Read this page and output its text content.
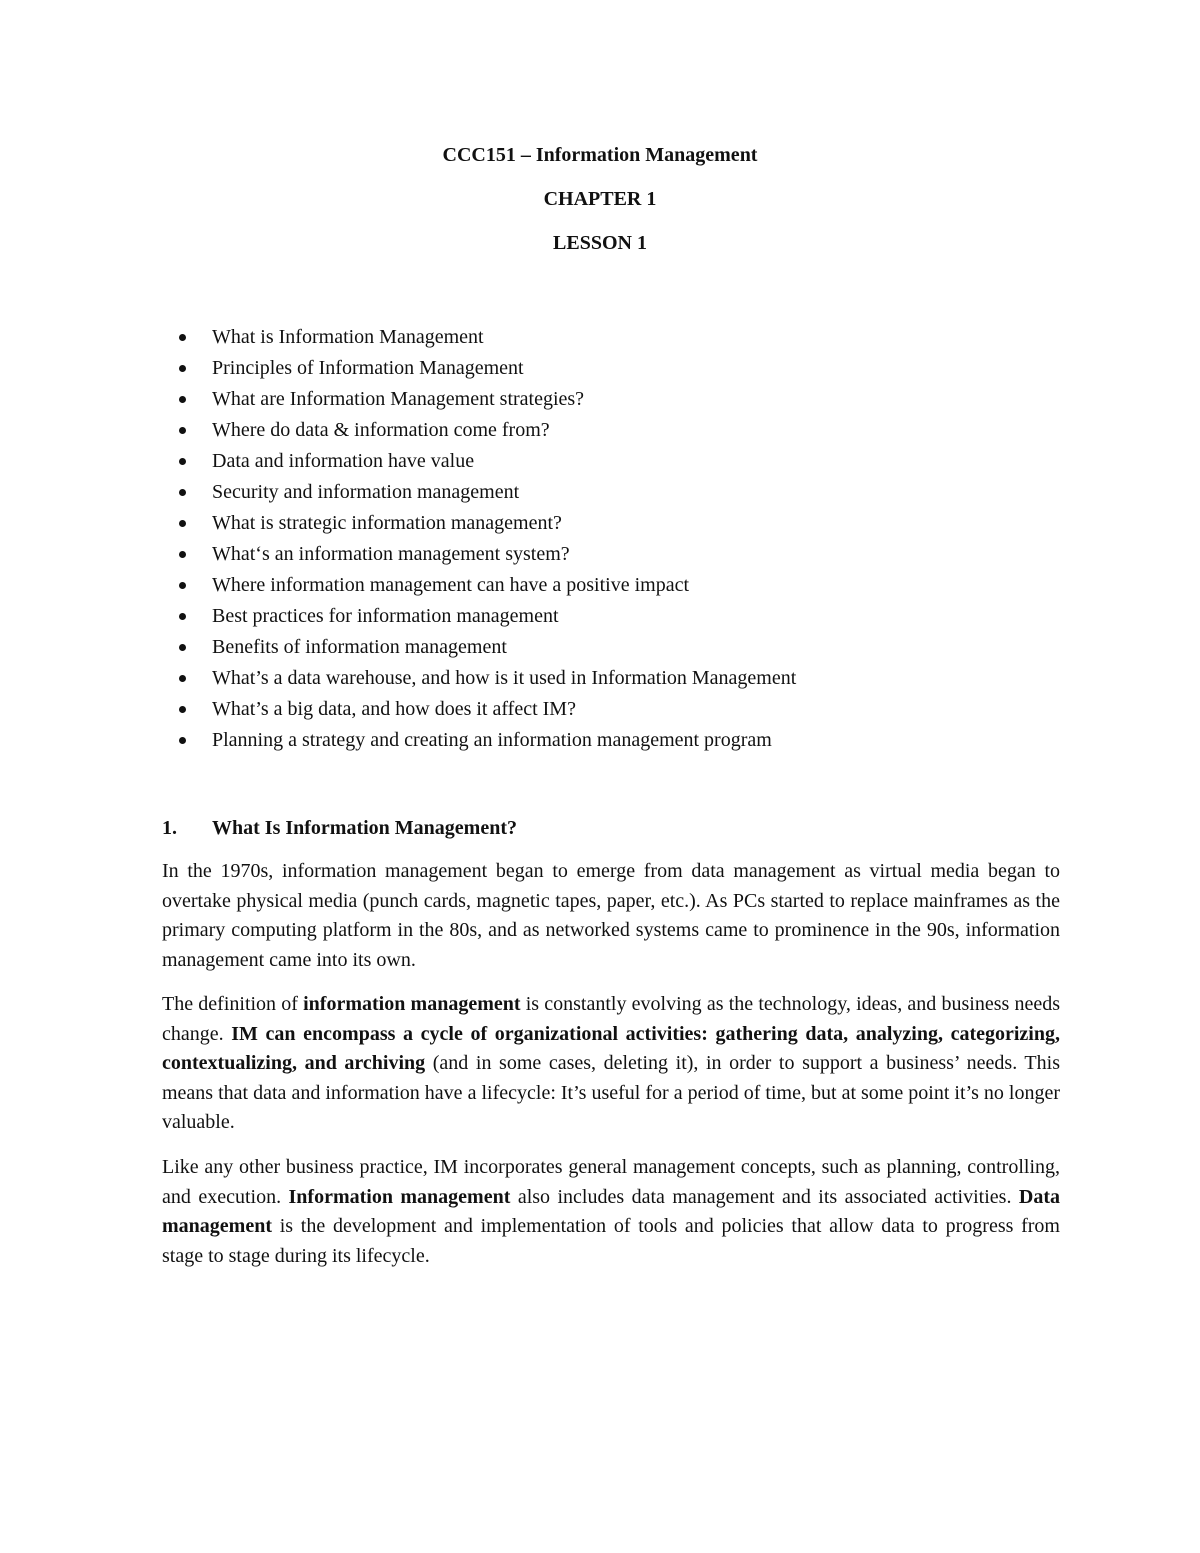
CCC151 – Information Management
CHAPTER 1
LESSON 1
What is Information Management
Principles of Information Management
What are Information Management strategies?
Where do data & information come from?
Data and information have value
Security and information management
What is strategic information management?
What‘s an information management system?
Where information management can have a positive impact
Best practices for information management
Benefits of information management
What’s a data warehouse, and how is it used in Information Management
What’s a big data, and how does it affect IM?
Planning a strategy and creating an information management program
1. What Is Information Management?

In the 1970s, information management began to emerge from data management as virtual media began to overtake physical media (punch cards, magnetic tapes, paper, etc.). As PCs started to replace mainframes as the primary computing platform in the 80s, and as networked systems came to prominence in the 90s, information management came into its own.

The definition of information management is constantly evolving as the technology, ideas, and business needs change. IM can encompass a cycle of organizational activities: gathering data, analyzing, categorizing, contextualizing, and archiving (and in some cases, deleting it), in order to support a business’ needs. This means that data and information have a lifecycle: It’s useful for a period of time, but at some point it’s no longer valuable.

Like any other business practice, IM incorporates general management concepts, such as planning, controlling, and execution. Information management also includes data management and its associated activities. Data management is the development and implementation of tools and policies that allow data to progress from stage to stage during its lifecycle.
